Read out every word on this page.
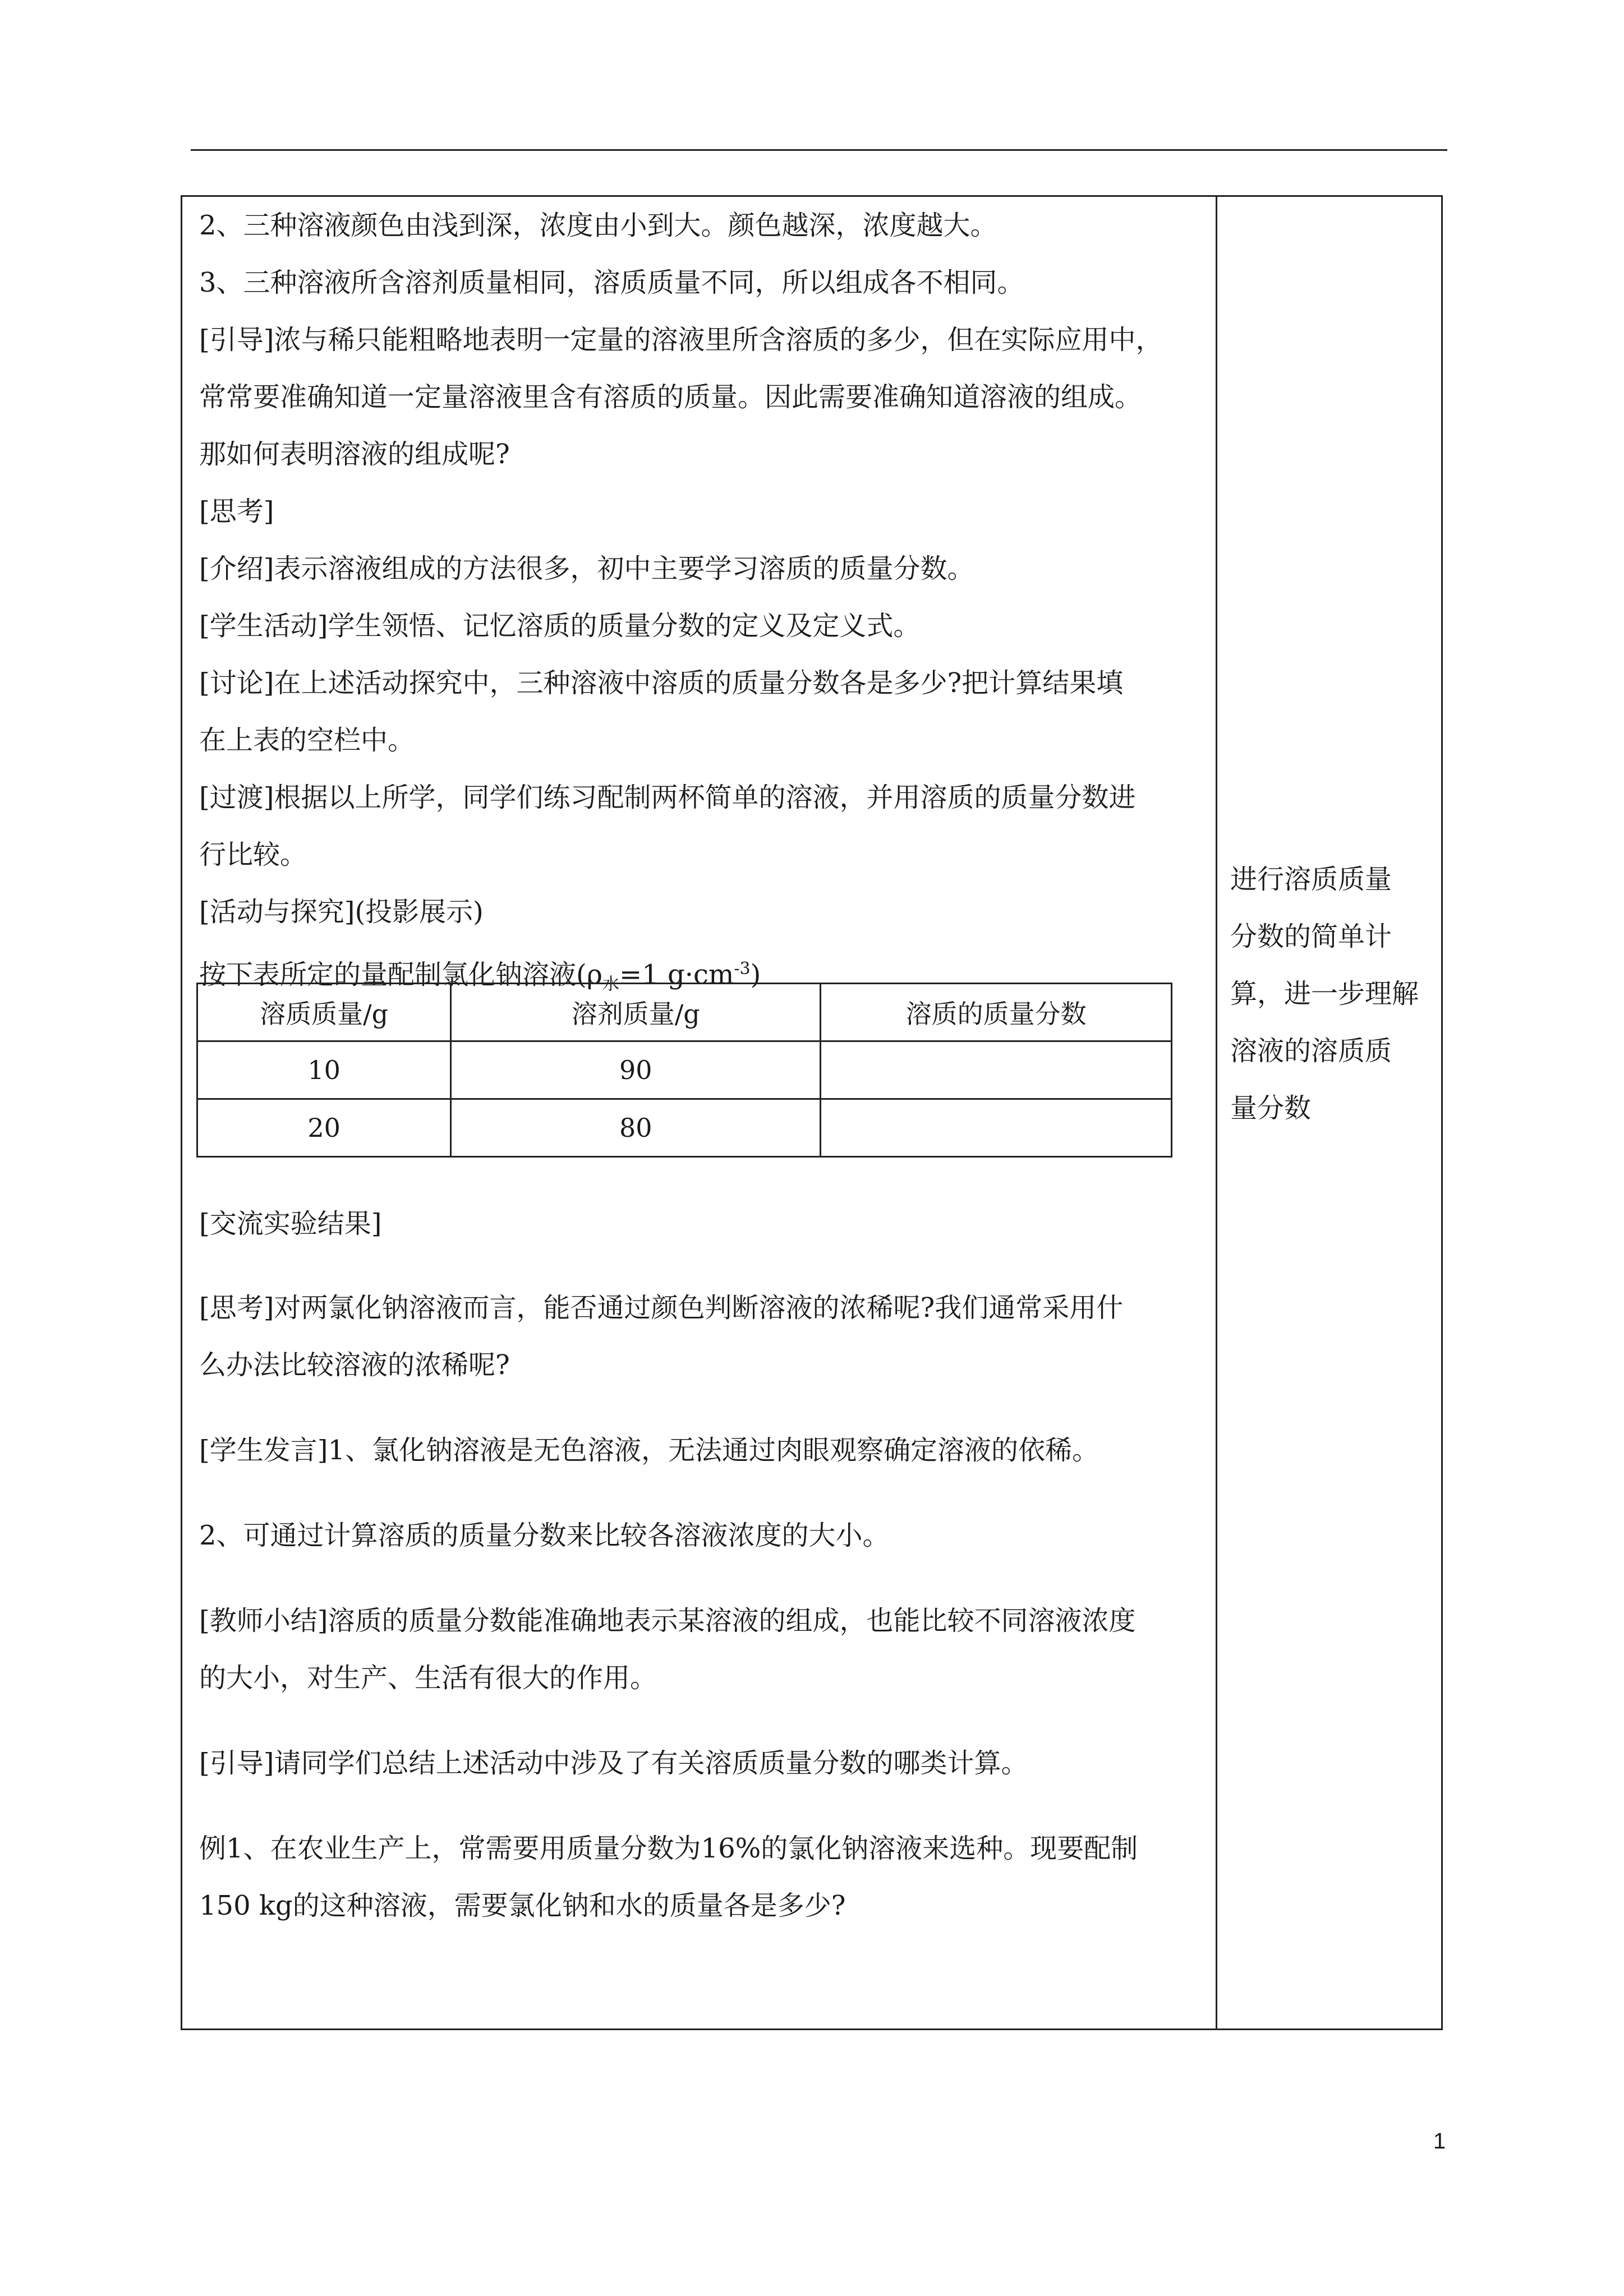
2、三种溶液颜色由浅到深，浓度由小到大。颜色越深，浓度越大。
3、三种溶液所含溶剂质量相同，溶质质量不同，所以组成各不相同。
[引导]浓与稀只能粗略地表明一定量的溶液里所含溶质的多少，但在实际应用中，
常常要准确知道一定量溶液里含有溶质的质量。因此需要准确知道溶液的组成。
那如何表明溶液的组成呢?
[思考]
[介绍]表示溶液组成的方法很多，初中主要学习溶质的质量分数。
[学生活动]学生领悟、记忆溶质的质量分数的定义及定义式。
[讨论]在上述活动探究中，三种溶液中溶质的质量分数各是多少?把计算结果填
在上表的空栏中。
[过渡]根据以上所学，同学们练习配制两杯简单的溶液，并用溶质的质量分数进
行比较。
[活动与探究](投影展示)
按下表所定的量配制氯化钠溶液($\rho_水=1$ $g\cdot cm^{-3}$)
[交流实验结果]
[思考]对两氯化钠溶液而言，能否通过颜色判断溶液的浓稀呢?我们通常采用什
么办法比较溶液的浓稀呢?
[学生发言]1、氯化钠溶液是无色溶液，无法通过肉眼观察确定溶液的依稀。
2、可通过计算溶质的质量分数来比较各溶液浓度的大小。
[教师小结]溶质的质量分数能准确地表示某溶液的组成，也能比较不同溶液浓度
的大小，对生产、生活有很大的作用。
[引导]请同学们总结上述活动中涉及了有关溶质质量分数的哪类计算。
例1、在农业生产上，常需要用质量分数为16%的氯化钠溶液来选种。现要配制
150 kg的这种溶液，需要氯化钠和水的质量各是多少?
进行溶质质量
分数的简单计
算，进一步理解
溶液的溶质质
量分数
溶质质量/g	溶剂质量/g	溶质的质量分数
10	90	
20	80	
1
